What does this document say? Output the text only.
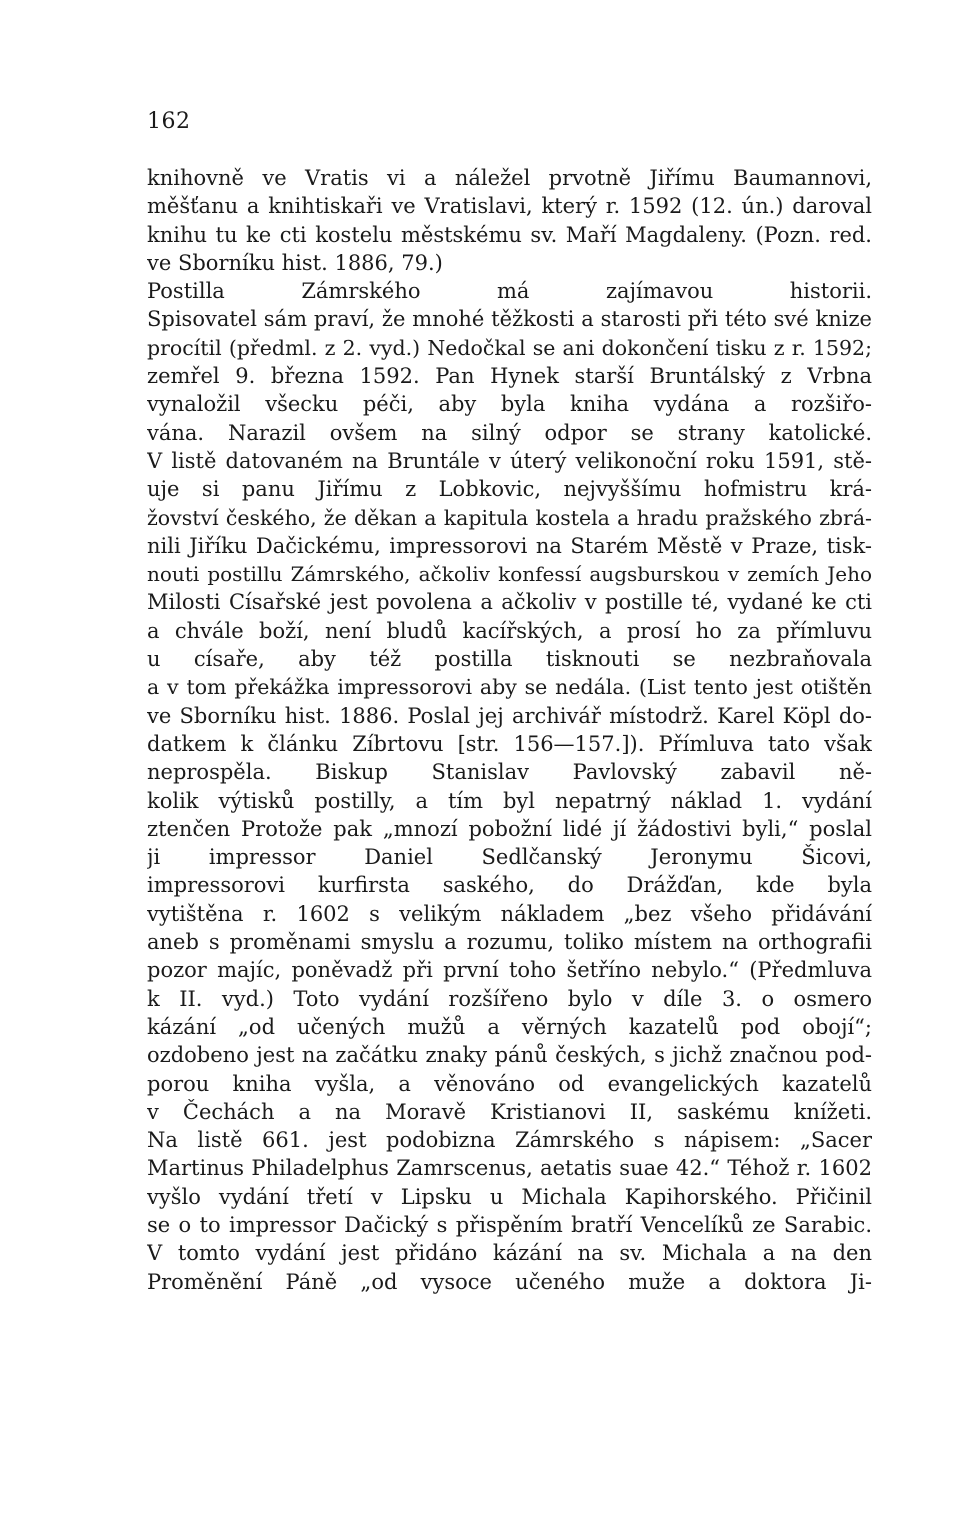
162
knihovně ve Vratis vi a náležel prvotně Jiřímu Baumannovi,
měšťanu a knihtiskaři ve Vratislavi, který r. 1592 (12. ún.) daroval
knihu tu ke cti kostelu městskému sv. Maří Magdaleny. (Pozn. red.
ve Sborníku hist. 1886, 79.)
Postilla Zámrského má zajímavou historii.
Spisovatel sám praví, že mnohé těžkosti a starosti při této své knize
procítil (předml. z 2. vyd.) Nedočkal se ani dokončení tisku z r. 1592;
zemřel 9. března 1592. Pan Hynek starší Bruntálský z Vrbna
vynaložil všecku péči, aby byla kniha vydána a rozšiřo-
vána. Narazil ovšem na silný odpor se strany katolické.
V listě datovaném na Bruntále v úterý velikonoční roku 1591, stě-
uje si panu Jiřímu z Lobkovic, nejvyššímu hofmistru krá-
žovství českého, že děkan a kapitula kostela a hradu pražského zbrá-
nili Jiříku Dačickému, impressorovi na Starém Městě v Praze, tisk-
nouti postillu Zámrského, ačkoliv konfessí augsburskou v zemích Jeho
Milosti Císařské jest povolena a ačkoliv v postille té, vydané ke cti
a chvále boží, není bludů kacířských, a prosí ho za přímluvu
u císaře, aby též postilla tisknouti se nezbraňovala
a v tom překážka impressorovi aby se nedála. (List tento jest otištěn
ve Sborníku hist. 1886. Poslal jej archivář místodrž. Karel Köpl do-
datkem k článku Zíbrtovu [str. 156—157.]). Přímluva tato však
neprospěla. Biskup Stanislav Pavlovský zabavil ně-
kolik výtisků postilly, a tím byl nepatrný náklad 1. vydání
ztenčen Protože pak „mnozí pobožní lidé jí žádostivi byli,“ poslal
ji impressor Daniel Sedlčanský Jeronymu Šicovi,
impressorovi kurfirsta saského, do Drážďan, kde byla
vytištěna r. 1602 s velikým nákladem „bez všeho přidávání
aneb s proměnami smyslu a rozumu, toliko místem na orthografii
pozor majíc, poněvadž při první toho šetříno nebylo.“ (Předmluva
k II. vyd.) Toto vydání rozšířeno bylo v díle 3. o osmero
kázání „od učených mužů a věrných kazatelů pod obojí“;
ozdobeno jest na začátku znaky pánů českých, s jichž značnou pod-
porou kniha vyšla, a věnováno od evangelických kazatelů
v Čechách a na Moravě Kristianovi II, saskému knížeti.
Na listě 661. jest podobizna Zámrského s nápisem: „Sacer
Martinus Philadelphus Zamrscenus, aetatis suae 42.“ Téhož r. 1602
vyšlo vydání třetí v Lipsku u Michala Kapihorského. Přičinil
se o to impressor Dačický s přispěním bratří Vencelíků ze Sarabic.
V tomto vydání jest přidáno kázání na sv. Michala a na den
Proměnění Páně „od vysoce učeného muže a doktora Ji-
